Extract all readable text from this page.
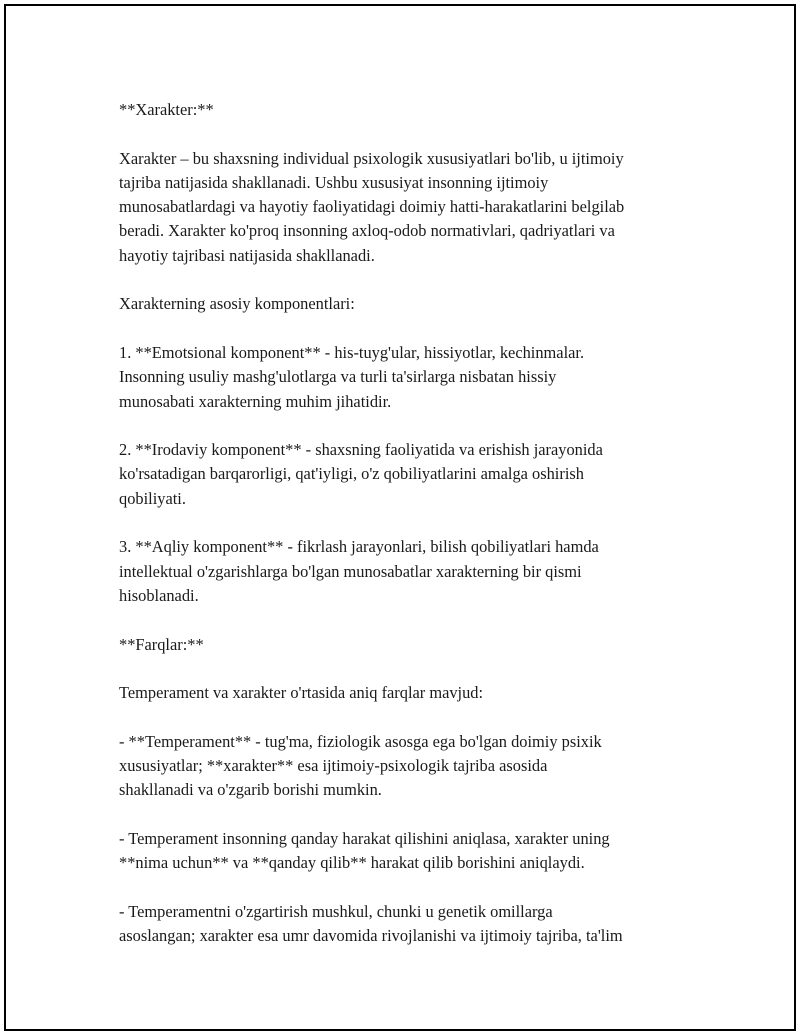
**Xarakter:**

Xarakter – bu shaxsning individual psixologik xususiyatlari bo'lib, u ijtimoiy
tajriba natijasida shakllanadi. Ushbu xususiyat insonning ijtimoiy
munosabatlardagi va hayotiy faoliyatidagi doimiy hatti-harakatlarini belgilab
beradi. Xarakter ko'proq insonning axloq-odob normativlari, qadriyatlari va
hayotiy tajribasi natijasida shakllanadi.

Xarakterning asosiy komponentlari:

1. **Emotsional komponent** - his-tuyg'ular, hissiyotlar, kechinmalar.
Insonning usuliy mashg'ulotlarga va turli ta'sirlarga nisbatan hissiy
munosabati xarakterning muhim jihatidir.

2. **Irodaviy komponent** - shaxsning faoliyatida va erishish jarayonida
ko'rsatadigan barqarorligi, qat'iyligi, o'z qobiliyatlarini amalga oshirish
qobiliyati.

3. **Aqliy komponent** - fikrlash jarayonlari, bilish qobiliyatlari hamda
intellektual o'zgarishlarga bo'lgan munosabatlar xarakterning bir qismi
hisoblanadi.

**Farqlar:**

Temperament va xarakter o'rtasida aniq farqlar mavjud:

- **Temperament** - tug'ma, fiziologik asosga ega bo'lgan doimiy psixik
xususiyatlar; **xarakter** esa ijtimoiy-psixologik tajriba asosida
shakllanadi va o'zgarib borishi mumkin.

- Temperament insonning qanday harakat qilishini aniqlasa, xarakter uning
**nima uchun** va **qanday qilib** harakat qilib borishini aniqlaydi.

- Temperamentni o'zgartirish mushkul, chunki u genetik omillarga
asoslangan; xarakter esa umr davomida rivojlanishi va ijtimoiy tajriba, ta'lim
